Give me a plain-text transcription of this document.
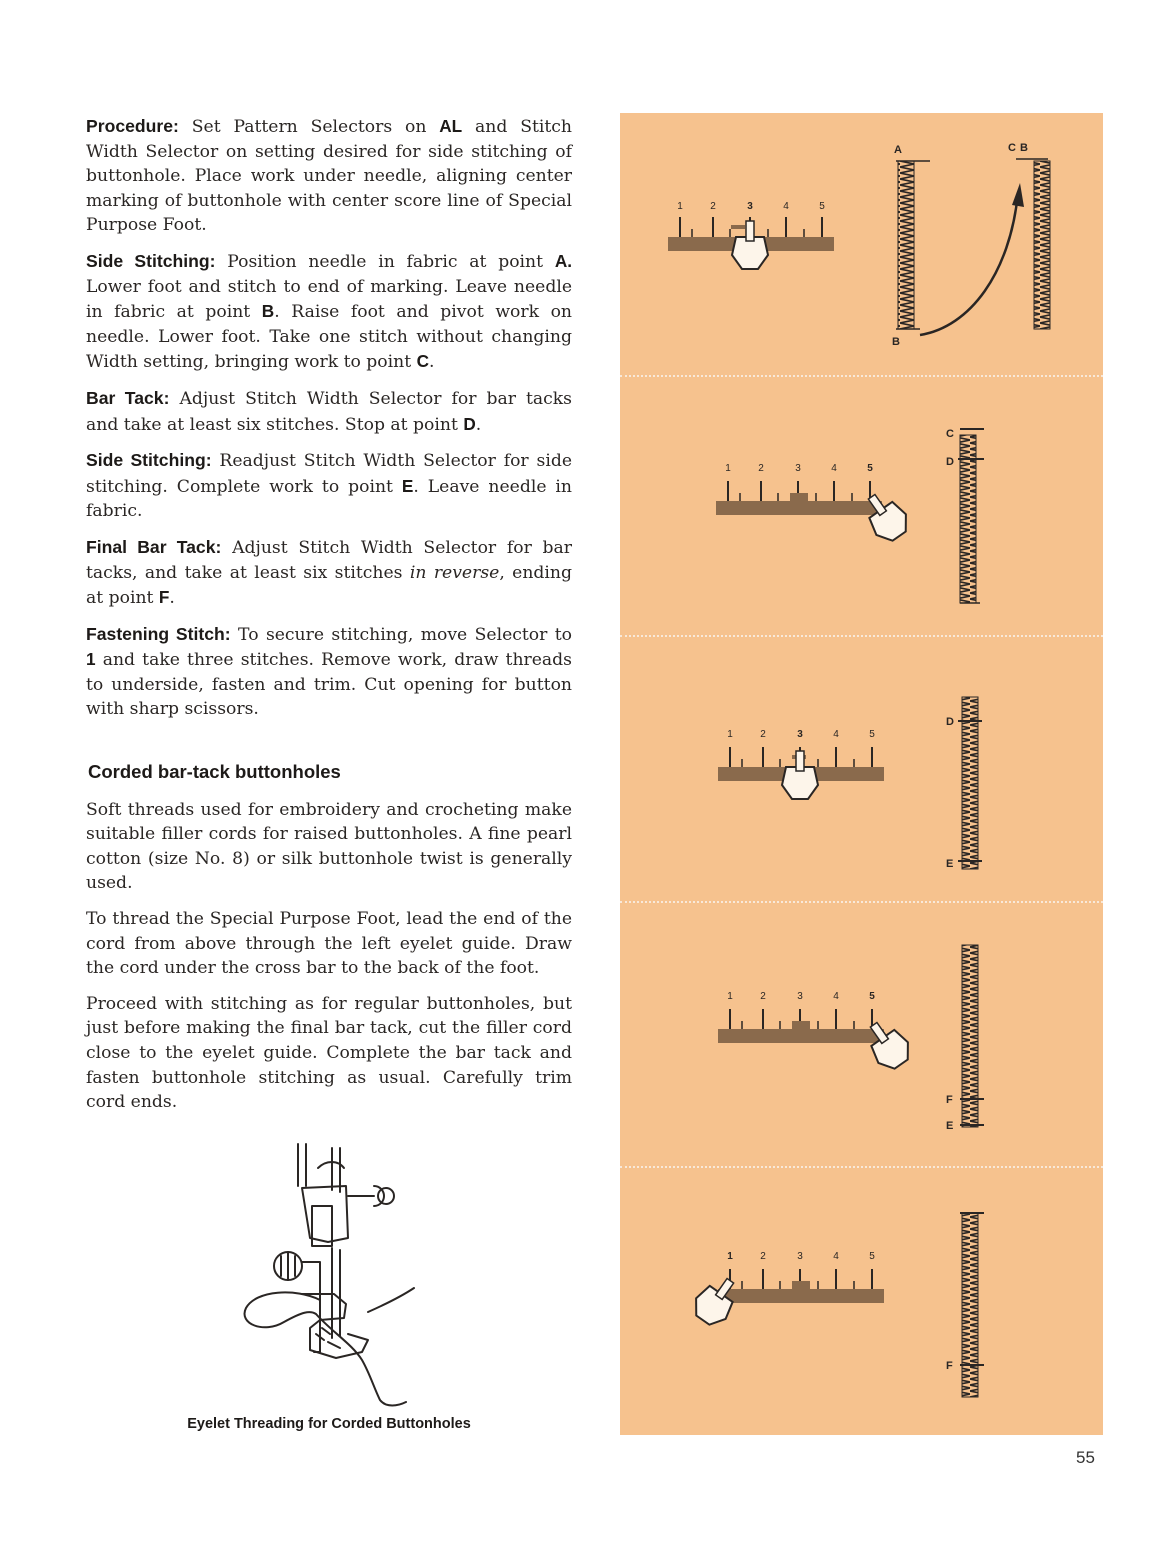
Procedure: Set Pattern Selectors on AL and Stitch Width Selector on setting desired for side stitching of buttonhole. Place work under needle, aligning center marking of buttonhole with center score line of Special Purpose Foot.

Side Stitching: Position needle in fabric at point A. Lower foot and stitch to end of marking. Leave needle in fabric at point B. Raise foot and pivot work on needle. Lower foot. Take one stitch without changing Width setting, bringing work to point C.

Bar Tack: Adjust Stitch Width Selector for bar tacks and take at least six stitches. Stop at point D.

Side Stitching: Readjust Stitch Width Selector for side stitching. Complete work to point E. Leave needle in fabric.

Final Bar Tack: Adjust Stitch Width Selector for bar tacks, and take at least six stitches in reverse, ending at point F.

Fastening Stitch: To secure stitching, move Selector to 1 and take three stitches. Remove work, draw threads to underside, fasten and trim. Cut opening for button with sharp scissors.

Corded bar-tack buttonholes

Soft threads used for embroidery and crocheting make suitable filler cords for raised buttonholes. A fine pearl cotton (size No. 8) or silk buttonhole twist is generally used.

To thread the Special Purpose Foot, lead the end of the cord from above through the left eyelet guide. Draw the cord under the cross bar to the back of the foot.

Proceed with stitching as for regular buttonholes, but just before making the final bar tack, cut the filler cord close to the eyelet guide. Complete the bar tack and fasten buttonhole stitching as usual. Carefully trim cord ends.

Eyelet Threading for Corded Buttonholes
1	2	3	4	5
1	2	3	4	5
1	2	3	4	5
1	2	3	4	5
1	2	3	4	5
A
B
C B
C
D
D
E
F
E
F
55
